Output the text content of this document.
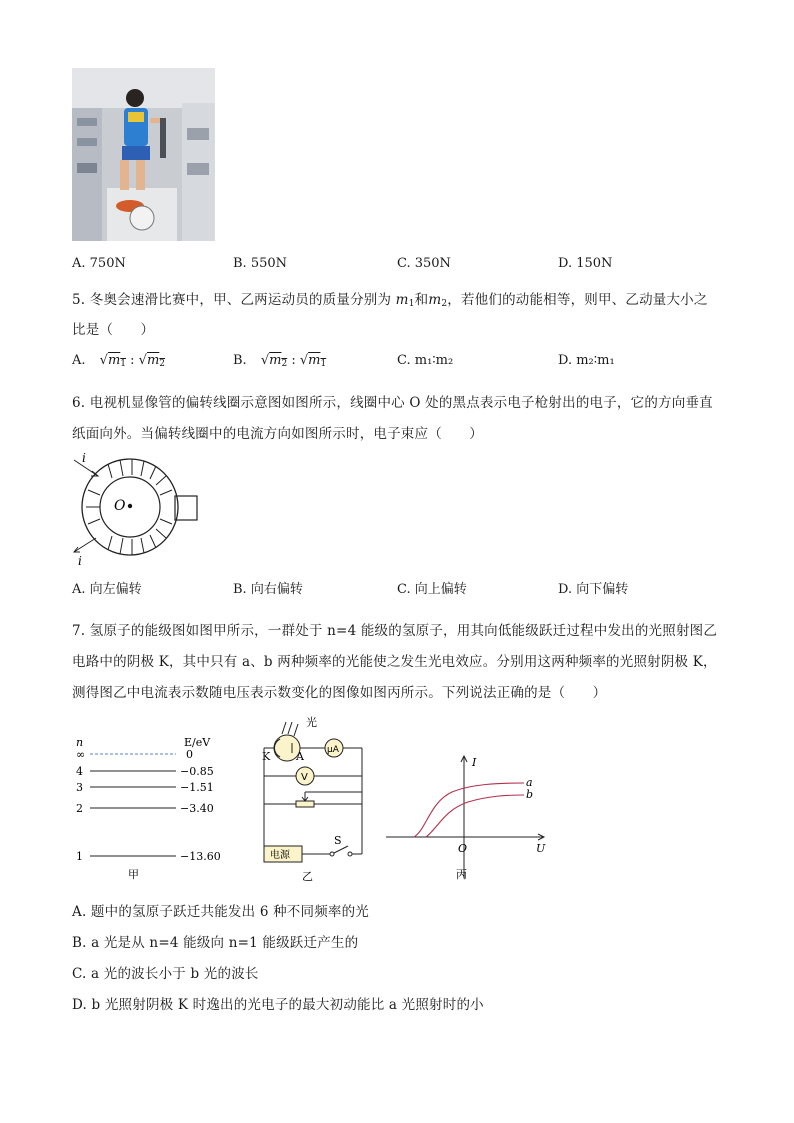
A. 750N	B. 550N	C. 350N	D. 150N
5. 冬奥会速滑比赛中，甲、乙两运动员的质量分别为 $m_1$和$m_2$，若他们的动能相等，则甲、乙动量大小之
比是（　　）
A. $√m_1$ : $√m_2$	B. $√m_2$ : $√m_1$	C. m₁∶m₂	D. m₂∶m₁
6. 电视机显像管的偏转线圈示意图如图所示，线圈中心 O 处的黑点表示电子枪射出的电子，它的方向垂直
纸面向外。当偏转线圈中的电流方向如图所示时，电子束应（　　）
i
i
O
A. 向左偏转	B. 向右偏转	C. 向上偏转	D. 向下偏转
7. 氢原子的能级图如图甲所示，一群处于 n=4 能级的氢原子，用其向低能级跃迁过程中发出的光照射图乙
电路中的阴极 K，其中只有 a、b 两种频率的光能使之发生光电效应。分别用这两种频率的光照射阴极 K，
测得图乙中电流表示数随电压表示数变化的图像如图丙所示。下列说法正确的是（　　）
n	E/eV
∞	0
4	−0.85
3	−1.51
2	−3.40
1	−13.60
甲
光
K A	μA
V
电源
S
乙
I
U
O
a
b
丙
A. 题中的氢原子跃迁共能发出 6 种不同频率的光
B. a 光是从 n=4 能级向 n=1 能级跃迁产生的
C. a 光的波长小于 b 光的波长
D. b 光照射阴极 K 时逸出的光电子的最大初动能比 a 光照射时的小
